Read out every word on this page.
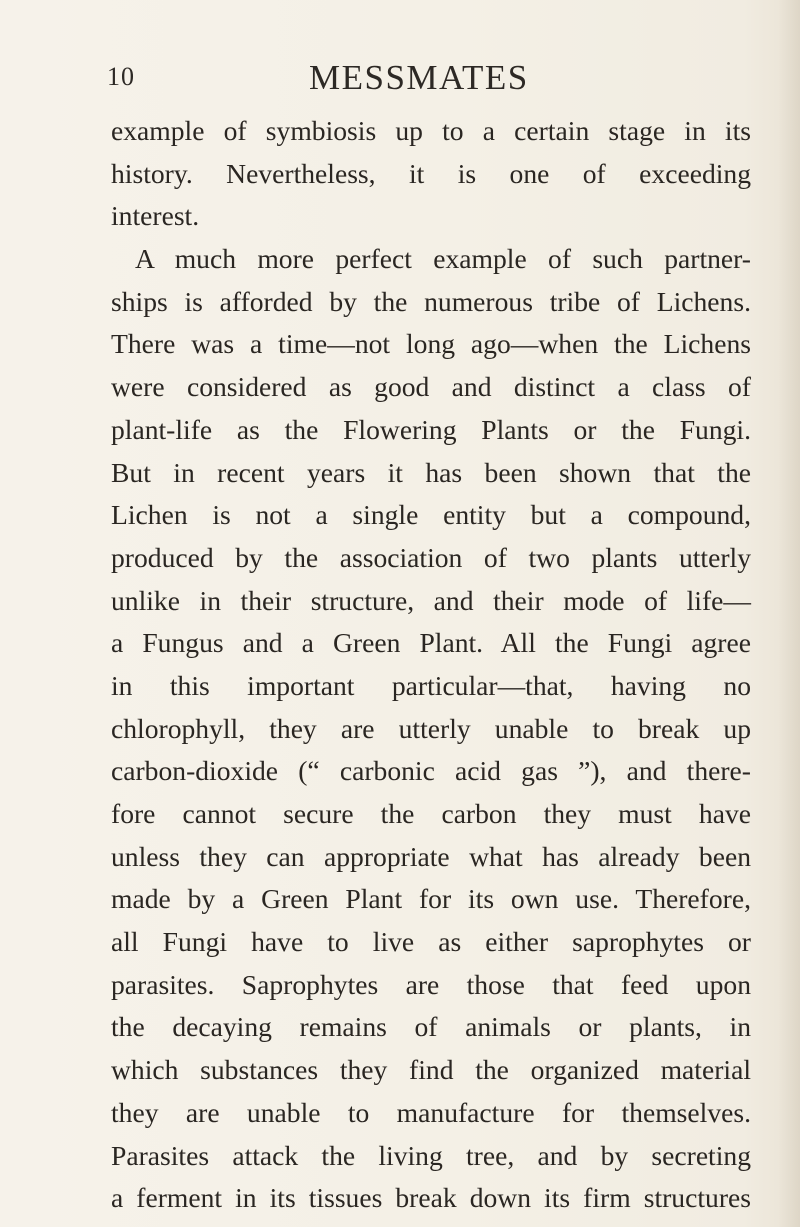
10	MESSMATES
example of symbiosis up to a certain stage in its
history. Nevertheless, it is one of exceeding
interest.
A much more perfect example of such partner-
ships is afforded by the numerous tribe of Lichens.
There was a time—not long ago—when the Lichens
were considered as good and distinct a class of
plant-life as the Flowering Plants or the Fungi.
But in recent years it has been shown that the
Lichen is not a single entity but a compound,
produced by the association of two plants utterly
unlike in their structure, and their mode of life—
a Fungus and a Green Plant. All the Fungi agree
in this important particular—that, having no
chlorophyll, they are utterly unable to break up
carbon-dioxide (“ carbonic acid gas ”), and there-
fore cannot secure the carbon they must have
unless they can appropriate what has already been
made by a Green Plant for its own use. Therefore,
all Fungi have to live as either saprophytes or
parasites. Saprophytes are those that feed upon
the decaying remains of animals or plants, in
which substances they find the organized material
they are unable to manufacture for themselves.
Parasites attack the living tree, and by secreting
a ferment in its tissues break down its firm structures
